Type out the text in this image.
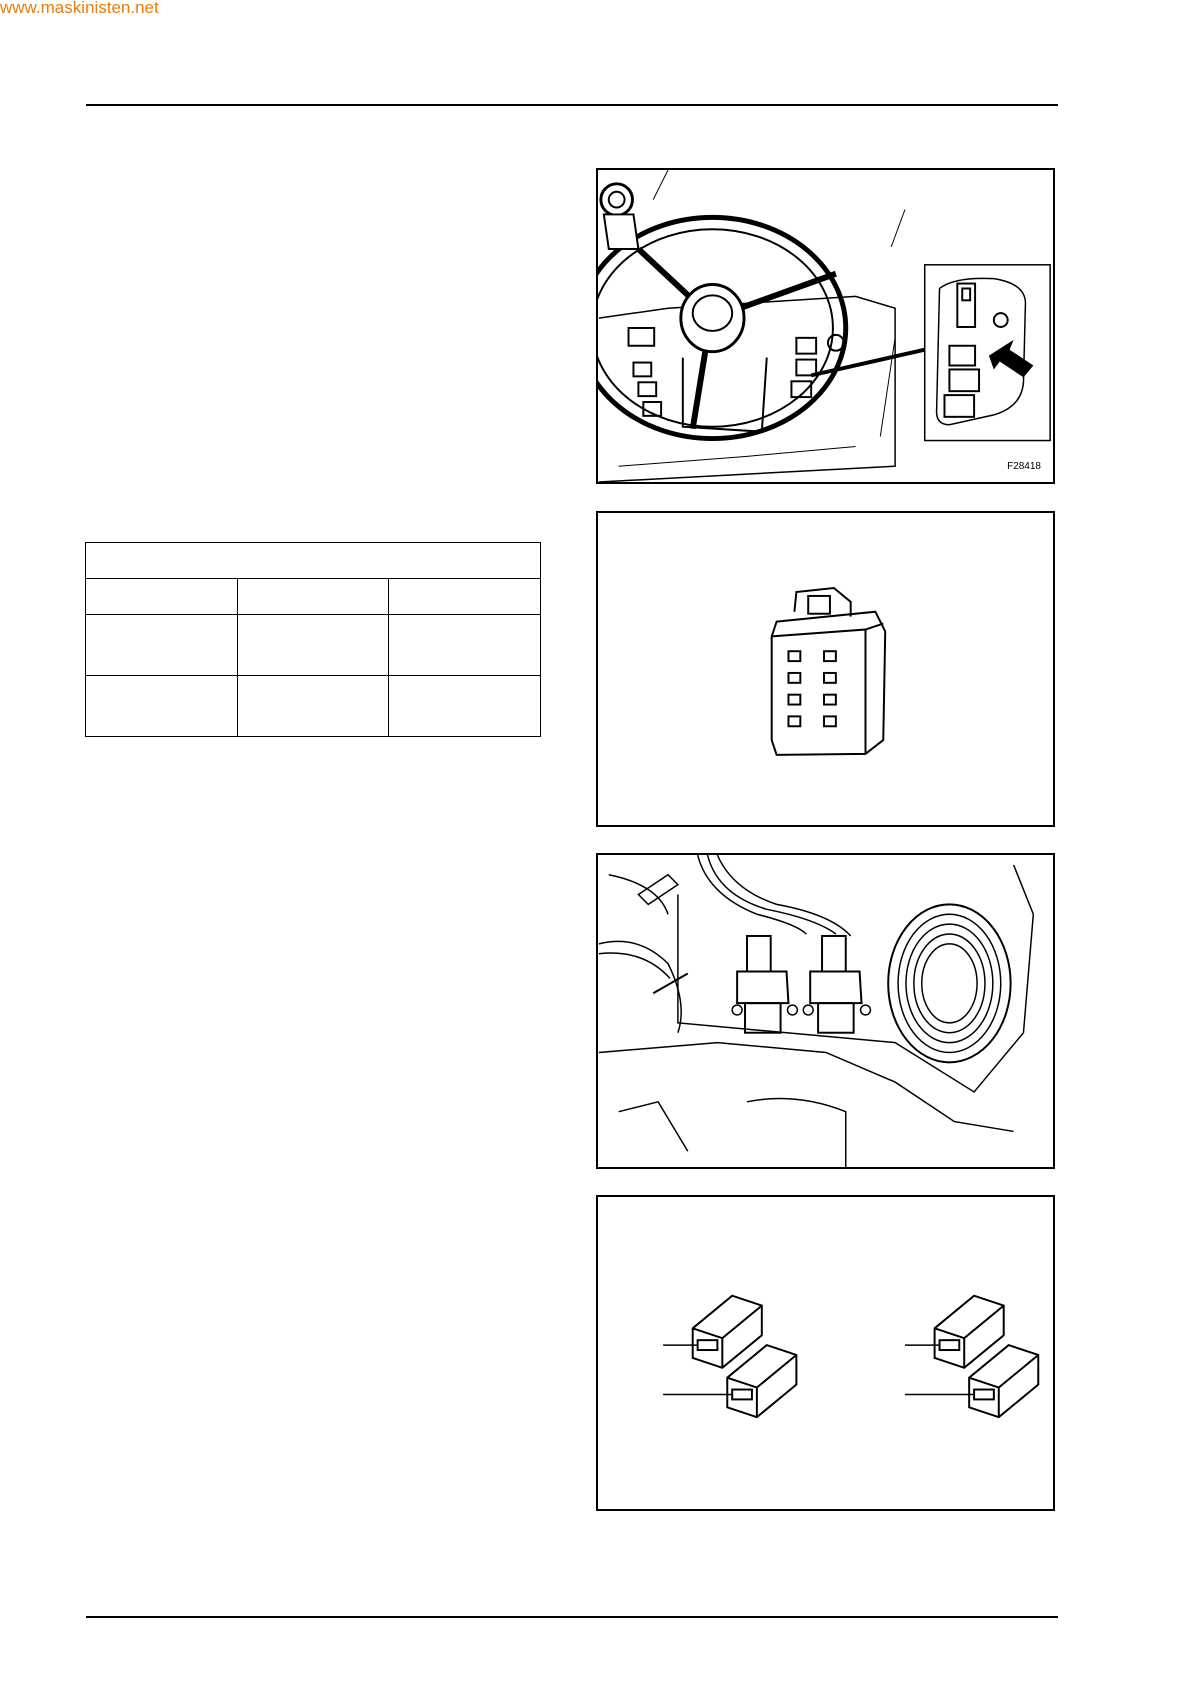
www.maskinisten.net
F28418
